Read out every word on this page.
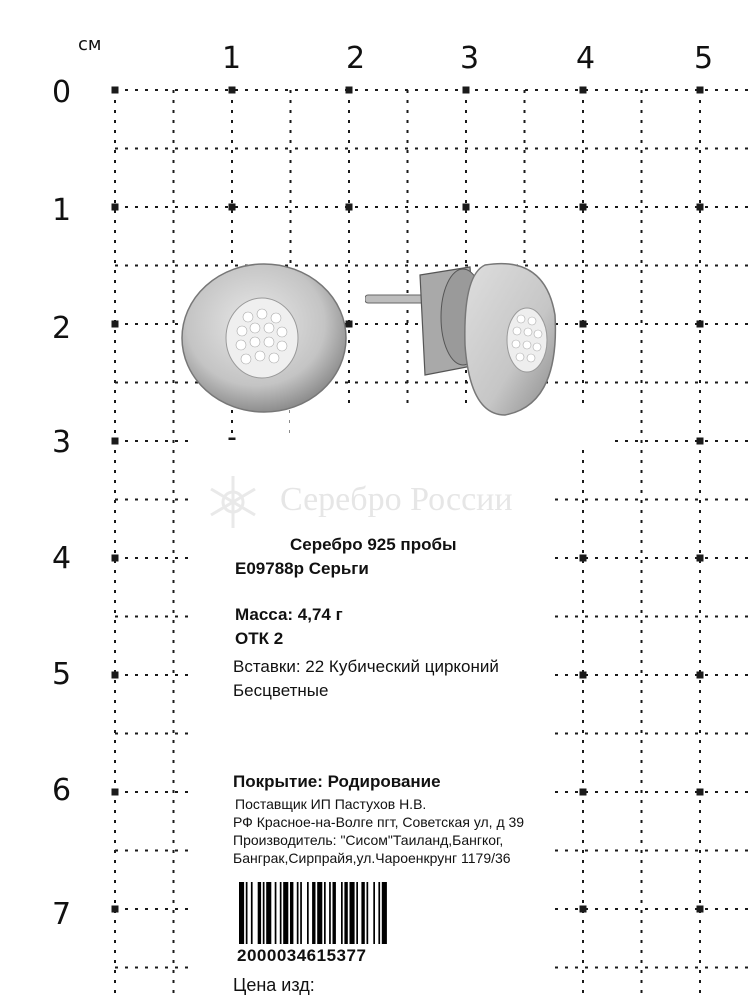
см	1	2	3	4	5
0
1
2
3
4
5
6
7
Серебро России
Серебро 925 пробы
Е09788р Серьги
Масса: 4,74 г
ОТК 2
Вставки: 22 Кубический цирконий
Бесцветные
Покрытие: Родирование
Поставщик ИП Пастухов Н.В.
РФ Красное-на-Волге пгт, Советская ул, д 39
Производитель: "Сисом"Таиланд,Бангког,
Банграк,Сирпрайя,ул.Чароенкрунг 1179/36
2000034615377
Цена изд:
